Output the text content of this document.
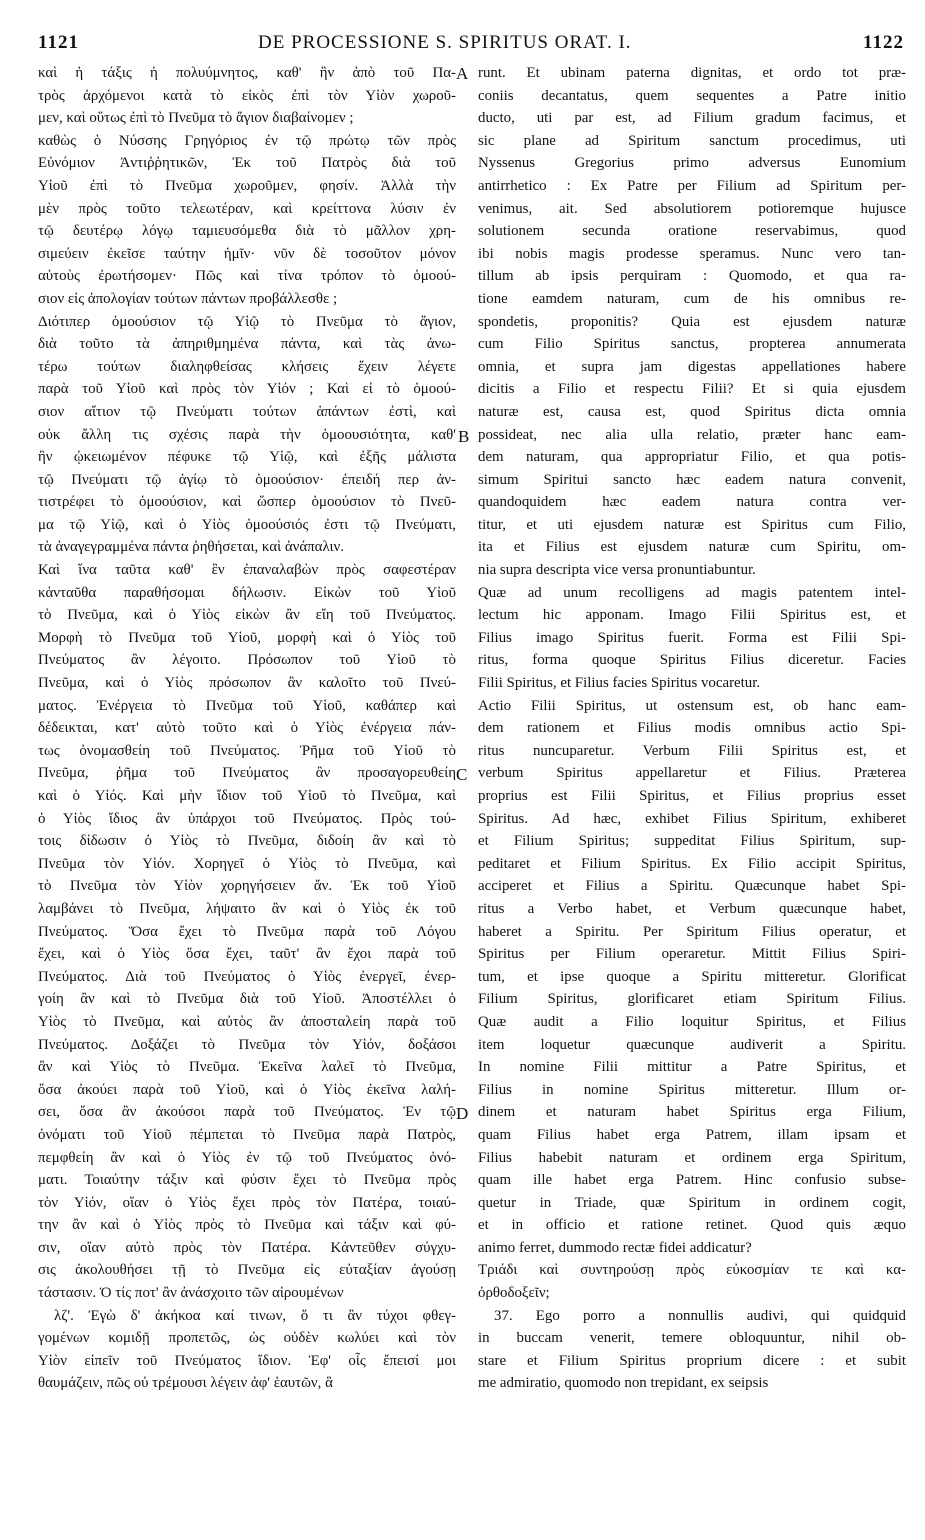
1121	DE PROCESSIONE S. SPIRITUS ORAT. I.	1122
A
B
C
D
καὶ ἡ τάξις ἡ πολυύμνητος, καθ' ἣν ἀπὸ τοῦ Πα-
τρὸς ἀρχόμενοι κατὰ τὸ εἰκὸς ἐπὶ τὸν Υἱὸν χωροῦ-
μεν, καὶ οὕτως ἐπὶ τὸ Πνεῦμα τὸ ἅγιον διαβαίνομεν ;
καθὼς ὁ Νύσσης Γρηγόριος ἐν τῷ πρώτῳ τῶν πρὸς
Εὐνόμιον Ἀντιῤῥητικῶν, Ἐκ τοῦ Πατρὸς διὰ τοῦ
Υἱοῦ ἐπὶ τὸ Πνεῦμα χωροῦμεν, φησίν. Ἀλλὰ τὴν
μὲν πρὸς τοῦτο τελεωτέραν, καὶ κρείττονα λύσιν ἐν
τῷ δευτέρῳ λόγῳ ταμιευσόμεθα διὰ τὸ μᾶλλον χρη-
σιμεύειν ἐκεῖσε ταύτην ἡμῖν· νῦν δὲ τοσοῦτον μόνον
αὐτοὺς ἐρωτήσομεν· Πῶς καὶ τίνα τρόπον τὸ ὁμοού-
σιον εἰς ἀπολογίαν τούτων πάντων προβάλλεσθε ;
Διότιπερ ὁμοούσιον τῷ Υἱῷ τὸ Πνεῦμα τὸ ἅγιον,
διὰ τοῦτο τὰ ἀπηριθμημένα πάντα, καὶ τὰς ἀνω-
τέρω τούτων διαληφθείσας κλήσεις ἔχειν λέγετε
παρὰ τοῦ Υἱοῦ καὶ πρὸς τὸν Υἱόν ; Καὶ εἰ τὸ ὁμοού-
σιον αἴτιον τῷ Πνεύματι τούτων ἁπάντων ἐστὶ, καὶ
οὐκ ἄλλη τις σχέσις παρὰ τὴν ὁμοουσιότητα, καθ'
ἣν ᾠκειωμένον πέφυκε τῷ Υἱῷ, καὶ ἐξῆς μάλιστα
τῷ Πνεύματι τῷ ἁγίῳ τὸ ὁμοούσιον· ἐπειδή περ ἀν-
τιστρέφει τὸ ὁμοούσιον, καὶ ὥσπερ ὁμοούσιον τὸ Πνεῦ-
μα τῷ Υἱῷ, καὶ ὁ Υἱὸς ὁμοούσιός ἐστι τῷ Πνεύματι,
τὰ ἀναγεγραμμένα πάντα ῥηθήσεται, καὶ ἀνάπαλιν.
Καὶ ἵνα ταῦτα καθ' ἓν ἐπαναλαβὼν πρὸς σαφεστέραν
κἀνταῦθα παραθήσομαι δήλωσιν. Εἰκὼν τοῦ Υἱοῦ
τὸ Πνεῦμα, καὶ ὁ Υἱὸς εἰκὼν ἂν εἴη τοῦ Πνεύματος.
Μορφὴ τὸ Πνεῦμα τοῦ Υἱοῦ, μορφὴ καὶ ὁ Υἱὸς τοῦ
Πνεύματος ἂν λέγοιτο. Πρόσωπον τοῦ Υἱοῦ τὸ
Πνεῦμα, καὶ ὁ Υἱὸς πρόσωπον ἂν καλοῖτο τοῦ Πνεύ-
ματος. Ἐνέργεια τὸ Πνεῦμα τοῦ Υἱοῦ, καθάπερ καὶ
δέδεικται, κατ' αὐτὸ τοῦτο καὶ ὁ Υἱὸς ἐνέργεια πάν-
τως ὀνομασθείη τοῦ Πνεύματος. Ῥῆμα τοῦ Υἱοῦ τὸ
Πνεῦμα, ῥῆμα τοῦ Πνεύματος ἂν προσαγορευθείη
καὶ ὁ Υἱός. Καὶ μὴν ἴδιον τοῦ Υἱοῦ τὸ Πνεῦμα, καὶ
ὁ Υἱὸς ἴδιος ἂν ὑπάρχοι τοῦ Πνεύματος. Πρὸς τού-
τοις δίδωσιν ὁ Υἱὸς τὸ Πνεῦμα, διδοίη ἂν καὶ τὸ
Πνεῦμα τὸν Υἱόν. Χορηγεῖ ὁ Υἱὸς τὸ Πνεῦμα, καὶ
τὸ Πνεῦμα τὸν Υἱὸν χορηγήσειεν ἄν. Ἐκ τοῦ Υἱοῦ
λαμβάνει τὸ Πνεῦμα, λήψαιτο ἂν καὶ ὁ Υἱὸς ἐκ τοῦ
Πνεύματος. Ὅσα ἔχει τὸ Πνεῦμα παρὰ τοῦ Λόγου
ἔχει, καὶ ὁ Υἱὸς ὅσα ἔχει, ταῦτ' ἂν ἔχοι παρὰ τοῦ
Πνεύματος. Διὰ τοῦ Πνεύματος ὁ Υἱὸς ἐνεργεῖ, ἐνερ-
γοίη ἂν καὶ τὸ Πνεῦμα διὰ τοῦ Υἱοῦ. Ἀποστέλλει ὁ
Υἱὸς τὸ Πνεῦμα, καὶ αὐτὸς ἂν ἀποσταλείη παρὰ τοῦ
Πνεύματος. Δοξάζει τὸ Πνεῦμα τὸν Υἱόν, δοξάσοι
ἂν καὶ Υἱὸς τὸ Πνεῦμα. Ἐκεῖνα λαλεῖ τὸ Πνεῦμα,
ὅσα ἀκούει παρὰ τοῦ Υἱοῦ, καὶ ὁ Υἱὸς ἐκεῖνα λαλή-
σει, ὅσα ἂν ἀκούσοι παρὰ τοῦ Πνεύματος. Ἐν τῷ
ὀνόματι τοῦ Υἱοῦ πέμπεται τὸ Πνεῦμα παρὰ Πατρὸς,
πεμφθείη ἂν καὶ ὁ Υἱὸς ἐν τῷ τοῦ Πνεύματος ὀνό-
ματι. Τοιαύτην τάξιν καὶ φύσιν ἔχει τὸ Πνεῦμα πρὸς
τὸν Υἱόν, οἵαν ὁ Υἱὸς ἔχει πρὸς τὸν Πατέρα, τοιαύ-
την ἂν καὶ ὁ Υἱὸς πρὸς τὸ Πνεῦμα καὶ τάξιν καὶ φύ-
σιν, οἵαν αὐτὸ πρὸς τὸν Πατέρα. Κἀντεῦθεν σύγχυ-
σις ἀκολουθήσει τῇ τὸ Πνεῦμα εἰς εὐταξίαν ἀγούσῃ
τάστασιν. Ὁ τίς ποτ' ἂν ἀνάσχοιτο τῶν αἱρουμένων
λζ'. Ἐγὼ δ' ἀκήκοα καί τινων, ὅ τι ἂν τύχοι φθεγ-
γομένων κομιδῇ προπετῶς, ὡς οὐδὲν κωλύει καὶ τὸν
Υἱὸν εἰπεῖν τοῦ Πνεύματος ἴδιον. Ἐφ' οἷς ἔπεισί μοι
θαυμάζειν, πῶς οὐ τρέμουσι λέγειν ἀφ' ἑαυτῶν, ἃ
runt. Et ubinam paterna dignitas, et ordo tot præ-
coniis decantatus, quem sequentes a Patre initio
ducto, uti par est, ad Filium gradum facimus, et
sic plane ad Spiritum sanctum procedimus, uti
Nyssenus Gregorius primo adversus Eunomium
antirrhetico : Ex Patre per Filium ad Spiritum per-
venimus, ait. Sed absolutiorem potioremque hujusce
solutionem secunda oratione reservabimus, quod
ibi nobis magis prodesse speramus. Nunc vero tan-
tillum ab ipsis perquiram : Quomodo, et qua ra-
tione eamdem naturam, cum de his omnibus re-
spondetis, proponitis? Quia est ejusdem naturæ
cum Filio Spiritus sanctus, propterea annumerata
omnia, et supra jam digestas appellationes habere
dicitis a Filio et respectu Filii? Et si quia ejusdem
naturæ est, causa est, quod Spiritus dicta omnia
possideat, nec alia ulla relatio, præter hanc eam-
dem naturam, qua appropriatur Filio, et qua potis-
simum Spiritui sancto hæc eadem natura convenit,
quandoquidem hæc eadem natura contra ver-
titur, et uti ejusdem naturæ est Spiritus cum Filio,
ita et Filius est ejusdem naturæ cum Spiritu, om-
nia supra descripta vice versa pronuntiabuntur.
Quæ ad unum recolligens ad magis patentem intel-
lectum hic apponam. Imago Filii Spiritus est, et
Filius imago Spiritus fuerit. Forma est Filii Spi-
ritus, forma quoque Spiritus Filius diceretur. Facies
Filii Spiritus, et Filius facies Spiritus vocaretur.
Actio Filii Spiritus, ut ostensum est, ob hanc eam-
dem rationem et Filius modis omnibus actio Spi-
ritus nuncuparetur. Verbum Filii Spiritus est, et
verbum Spiritus appellaretur et Filius. Præterea
proprius est Filii Spiritus, et Filius proprius esset
Spiritus. Ad hæc, exhibet Filius Spiritum, exhiberet
et Filium Spiritus; suppeditat Filius Spiritum, sup-
peditaret et Filium Spiritus. Ex Filio accipit Spiritus,
acciperet et Filius a Spiritu. Quæcunque habet Spi-
ritus a Verbo habet, et Verbum quæcunque habet,
haberet a Spiritu. Per Spiritum Filius operatur, et
Spiritus per Filium operaretur. Mittit Filius Spiri-
tum, et ipse quoque a Spiritu mitteretur. Glorificat
Filium Spiritus, glorificaret etiam Spiritum Filius.
Quæ audit a Filio loquitur Spiritus, et Filius
item loquetur quæcunque audiverit a Spiritu.
In nomine Filii mittitur a Patre Spiritus, et
Filius in nomine Spiritus mitteretur. Illum or-
dinem et naturam habet Spiritus erga Filium,
quam Filius habet erga Patrem, illam ipsam et
Filius habebit naturam et ordinem erga Spiritum,
quam ille habet erga Patrem. Hinc confusio subse-
quetur in Triade, quæ Spiritum in ordinem cogit,
et in officio et ratione retinet. Quod quis æquo
animo ferret, dummodo rectæ fidei addicatur?
Τριάδι καὶ συντηρούσῃ πρὸς εὐκοσμίαν τε καὶ κα-
ὀρθοδοξεῖν;
37. Ego porro a nonnullis audivi, qui quidquid
in buccam venerit, temere obloquuntur, nihil ob-
stare et Filium Spiritus proprium dicere : et subit
me admiratio, quomodo non trepidant, ex seipsis
